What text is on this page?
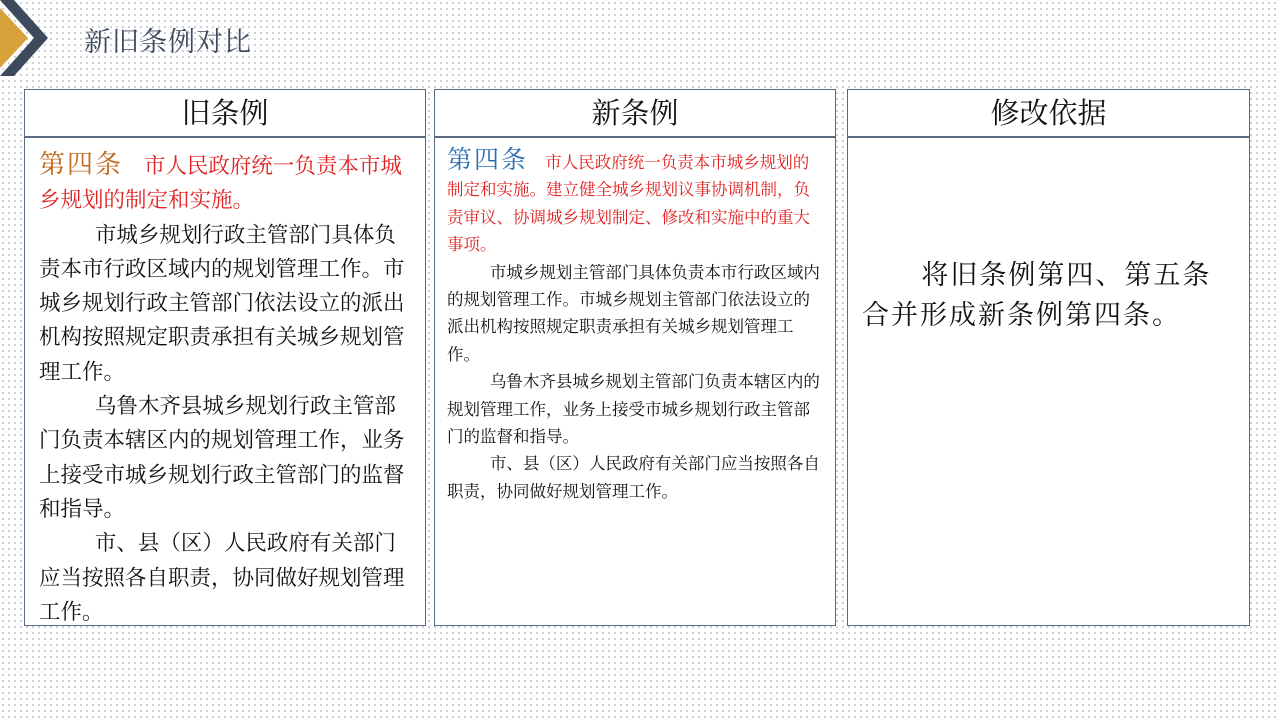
新旧条例对比
旧条例
第四条 市人民政府统一负责本市城乡规划的制定和实施。
市城乡规划行政主管部门具体负责本市行政区域内的规划管理工作。市城乡规划行政主管部门依法设立的派出机构按照规定职责承担有关城乡规划管理工作。
乌鲁木齐县城乡规划行政主管部门负责本辖区内的规划管理工作，业务上接受市城乡规划行政主管部门的监督和指导。
市、县（区）人民政府有关部门应当按照各自职责，协同做好规划管理工作。
新条例
第四条 市人民政府统一负责本市城乡规划的制定和实施。建立健全城乡规划议事协调机制，负责审议、协调城乡规划制定、修改和实施中的重大事项。
市城乡规划主管部门具体负责本市行政区域内的规划管理工作。市城乡规划主管部门依法设立的派出机构按照规定职责承担有关城乡规划管理工作。
乌鲁木齐县城乡规划主管部门负责本辖区内的规划管理工作，业务上接受市城乡规划行政主管部门的监督和指导。
市、县（区）人民政府有关部门应当按照各自职责，协同做好规划管理工作。
修改依据
将旧条例第四、第五条合并形成新条例第四条。
